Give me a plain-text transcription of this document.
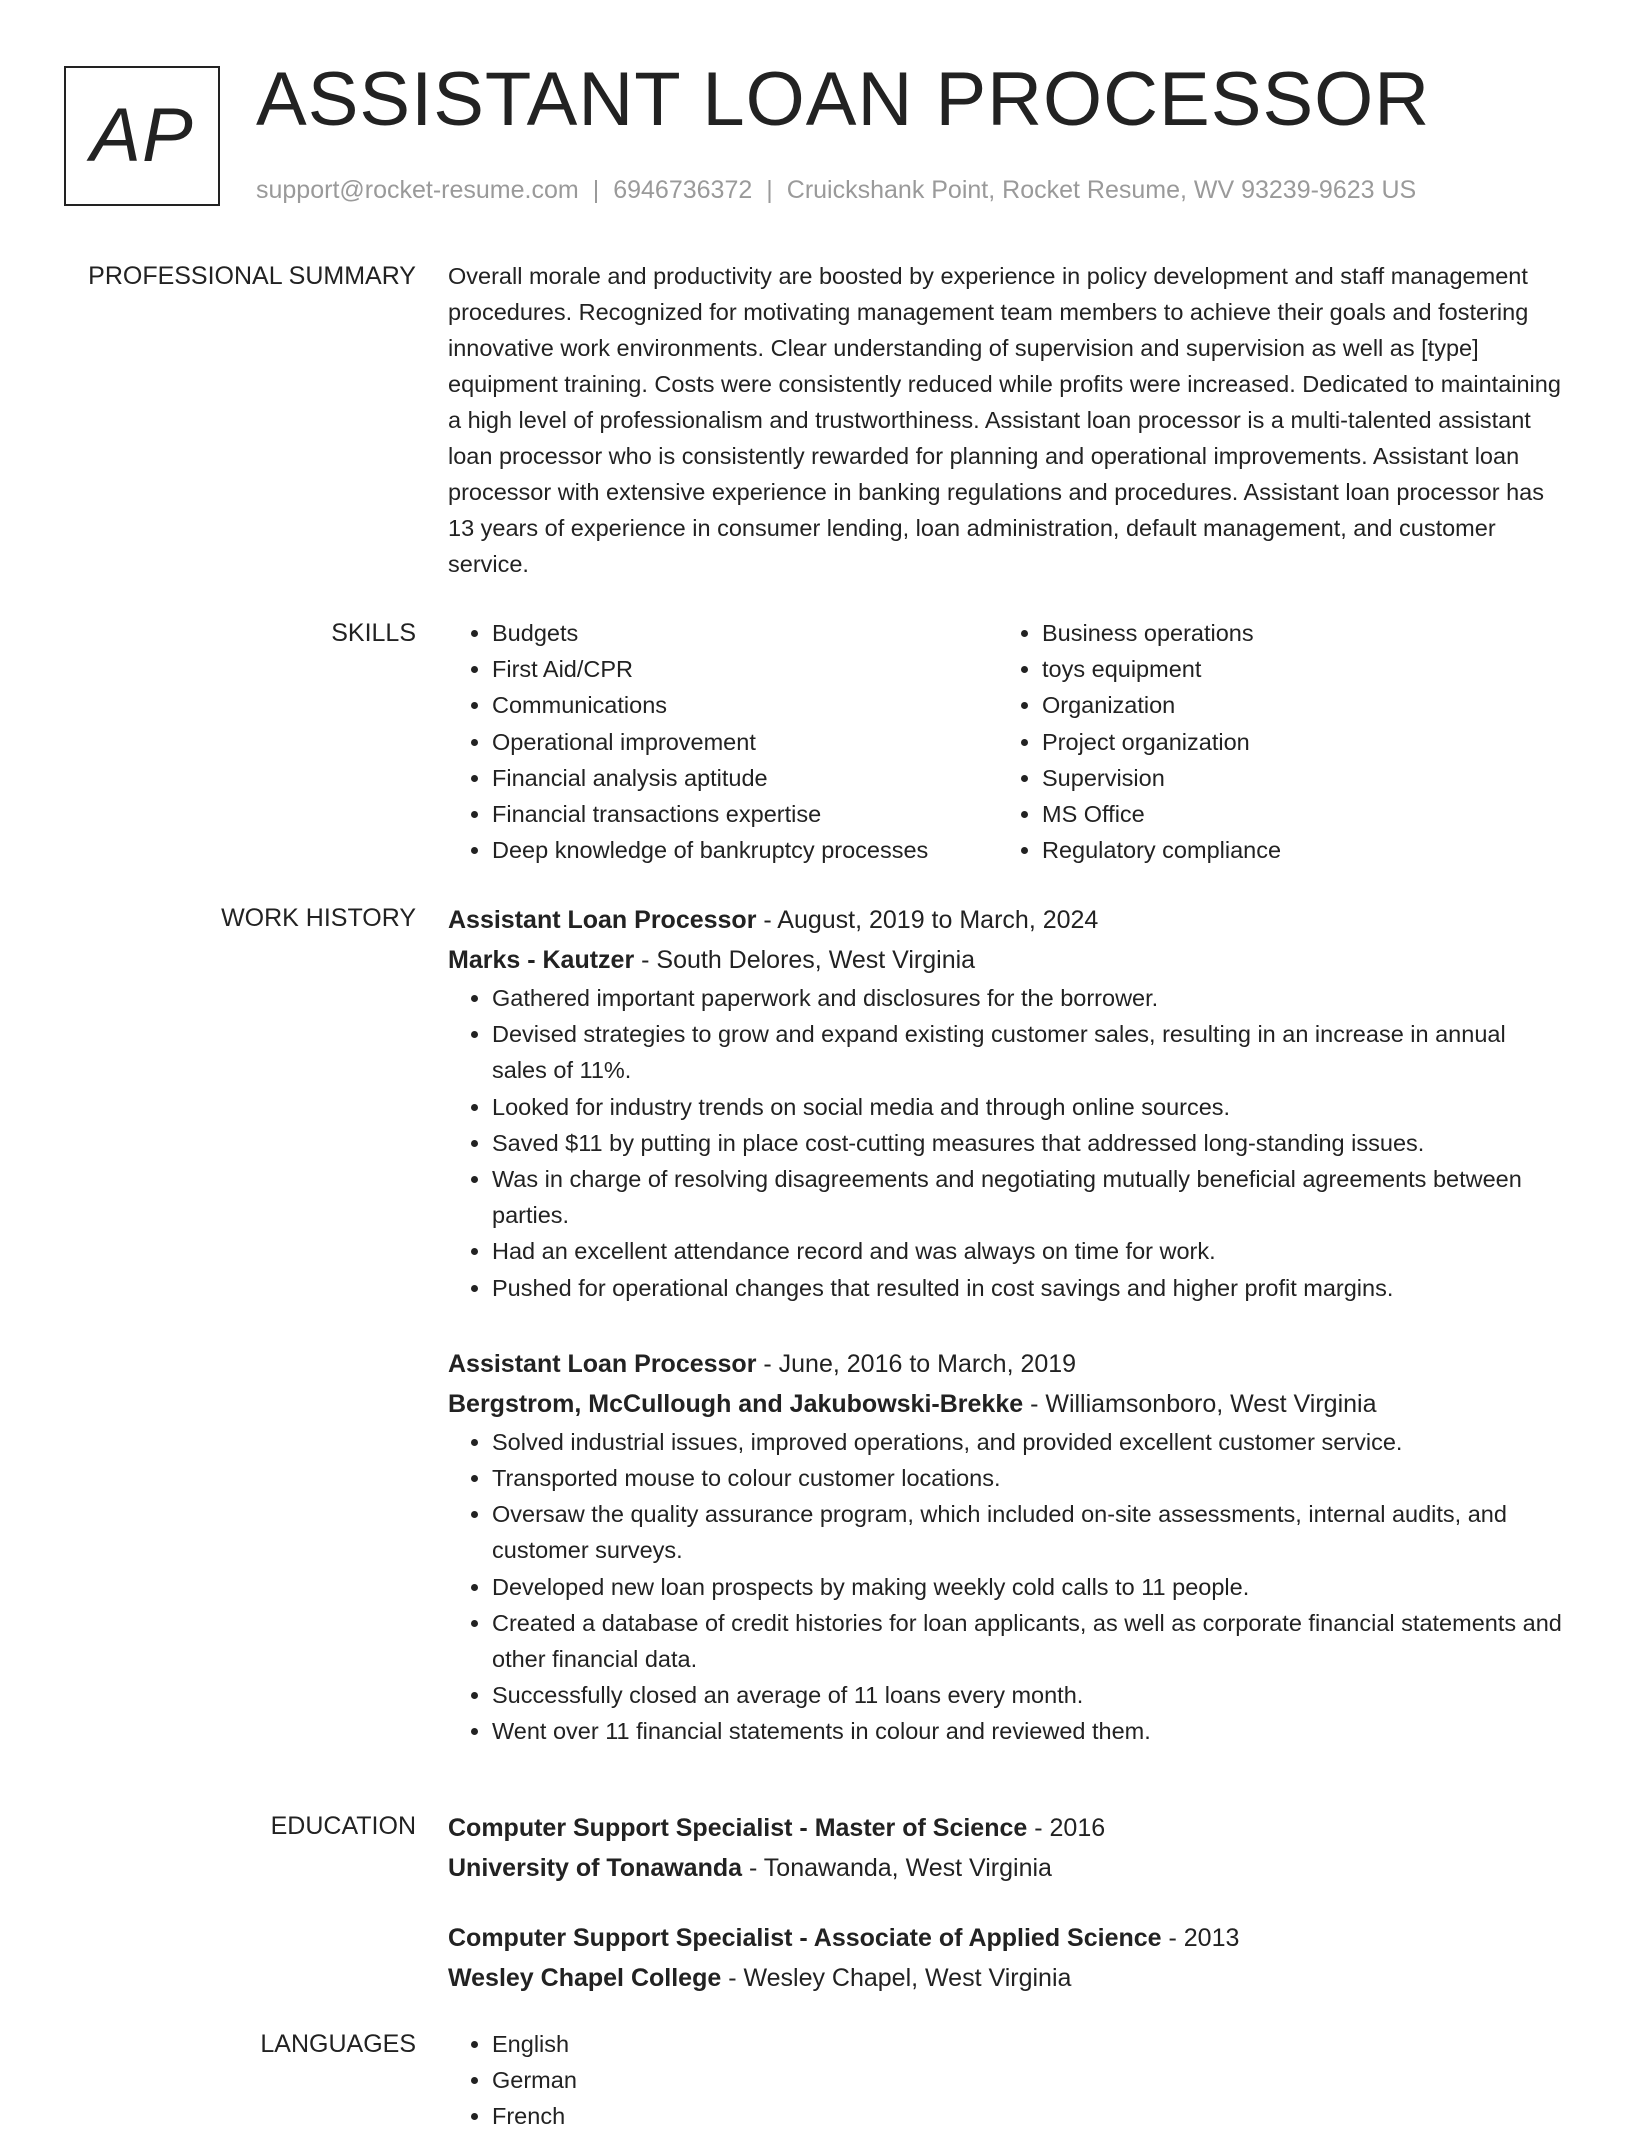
AP ASSISTANT LOAN PROCESSOR
support@rocket-resume.com | 6946736372 | Cruickshank Point, Rocket Resume, WV 93239-9623 US
PROFESSIONAL SUMMARY Overall morale and productivity are boosted by experience in policy development and staff management procedures. Recognized for motivating management team members to achieve their goals and fostering innovative work environments. Clear understanding of supervision and supervision as well as [type] equipment training. Costs were consistently reduced while profits were increased. Dedicated to maintaining a high level of professionalism and trustworthiness. Assistant loan processor is a multi-talented assistant loan processor who is consistently rewarded for planning and operational improvements. Assistant loan processor with extensive experience in banking regulations and procedures. Assistant loan processor has 13 years of experience in consumer lending, loan administration, default management, and customer service.

SKILLS	• Budgets
• First Aid/CPR
• Communications
• Operational improvement
• Financial analysis aptitude
• Financial transactions expertise
• Deep knowledge of bankruptcy processes
• Business operations
• toys equipment
• Organization
• Project organization
• Supervision
• MS Office
• Regulatory compliance
WORK HISTORY Assistant Loan Processor - August, 2019 to March, 2024

Marks - Kautzer - South Delores, West Virginia

• Gathered important paperwork and disclosures for the borrower.
• Devised strategies to grow and expand existing customer sales, resulting in an increase in annual sales of 11%.
• Looked for industry trends on social media and through online sources.
• Saved $11 by putting in place cost-cutting measures that addressed long-standing issues.
• Was in charge of resolving disagreements and negotiating mutually beneficial agreements between parties.
• Had an excellent attendance record and was always on time for work.
• Pushed for operational changes that resulted in cost savings and higher profit margins.

Assistant Loan Processor - June, 2016 to March, 2019

Bergstrom, McCullough and Jakubowski-Brekke - Williamsonboro, West Virginia

• Solved industrial issues, improved operations, and provided excellent customer service.
• Transported mouse to colour customer locations.
• Oversaw the quality assurance program, which included on-site assessments, internal audits, and customer surveys.
• Developed new loan prospects by making weekly cold calls to 11 people.
• Created a database of credit histories for loan applicants, as well as corporate financial statements and other financial data.
• Successfully closed an average of 11 loans every month.
• Went over 11 financial statements in colour and reviewed them.
EDUCATION Computer Support Specialist - Master of Science - 2016

University of Tonawanda - Tonawanda, West Virginia

Computer Support Specialist - Associate of Applied Science - 2013

Wesley Chapel College - Wesley Chapel, West Virginia

LANGUAGES	• English
• German
• French
